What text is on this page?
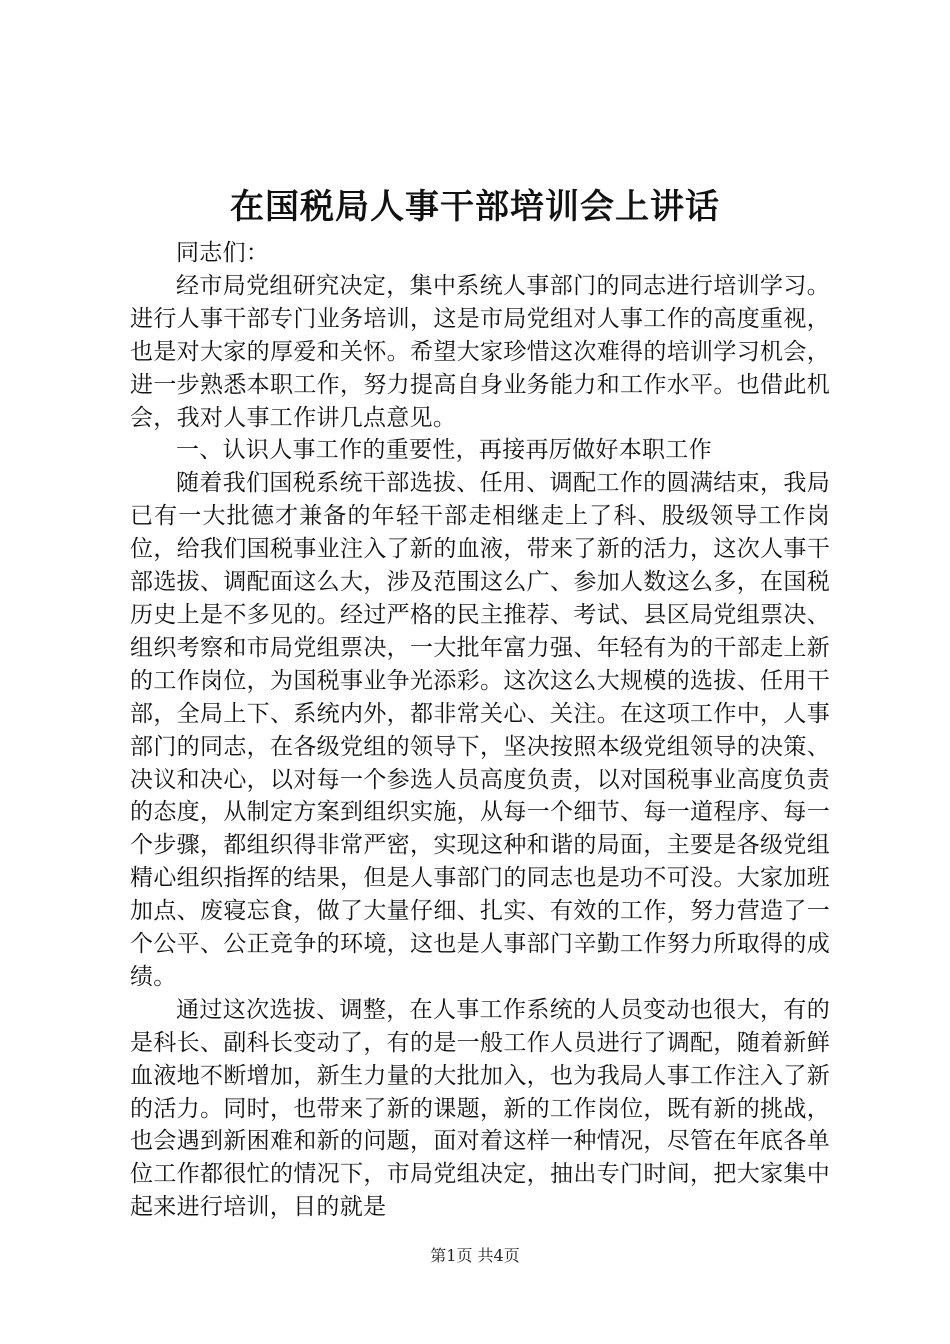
在国税局人事干部培训会上讲话

同志们：

经市局党组研究决定，集中系统人事部门的同志进行培训学习。进行人事干部专门业务培训，这是市局党组对人事工作的高度重视，也是对大家的厚爱和关怀。希望大家珍惜这次难得的培训学习机会，进一步熟悉本职工作，努力提高自身业务能力和工作水平。也借此机会，我对人事工作讲几点意见。

一、认识人事工作的重要性，再接再厉做好本职工作

随着我们国税系统干部选拔、任用、调配工作的圆满结束，我局已有一大批德才兼备的年轻干部走相继走上了科、股级领导工作岗位，给我们国税事业注入了新的血液，带来了新的活力，这次人事干部选拔、调配面这么大，涉及范围这么广、参加人数这么多，在国税历史上是不多见的。经过严格的民主推荐、考试、县区局党组票决、组织考察和市局党组票决，一大批年富力强、年轻有为的干部走上新的工作岗位，为国税事业争光添彩。这次这么大规模的选拔、任用干部，全局上下、系统内外，都非常关心、关注。在这项工作中，人事部门的同志，在各级党组的领导下，坚决按照本级党组领导的决策、决议和决心，以对每一个参选人员高度负责，以对国税事业高度负责的态度，从制定方案到组织实施，从每一个细节、每一道程序、每一个步骤，都组织得非常严密，实现这种和谐的局面，主要是各级党组精心组织指挥的结果，但是人事部门的同志也是功不可没。大家加班加点、废寝忘食，做了大量仔细、扎实、有效的工作，努力营造了一个公平、公正竞争的环境，这也是人事部门辛勤工作努力所取得的成绩。

通过这次选拔、调整，在人事工作系统的人员变动也很大，有的是科长、副科长变动了，有的是一般工作人员进行了调配，随着新鲜血液地不断增加，新生力量的大批加入，也为我局人事工作注入了新的活力。同时，也带来了新的课题，新的工作岗位，既有新的挑战，也会遇到新困难和新的问题，面对着这样一种情况，尽管在年底各单位工作都很忙的情况下，市局党组决定，抽出专门时间，把大家集中起来进行培训，目的就是

第1页 共4页
